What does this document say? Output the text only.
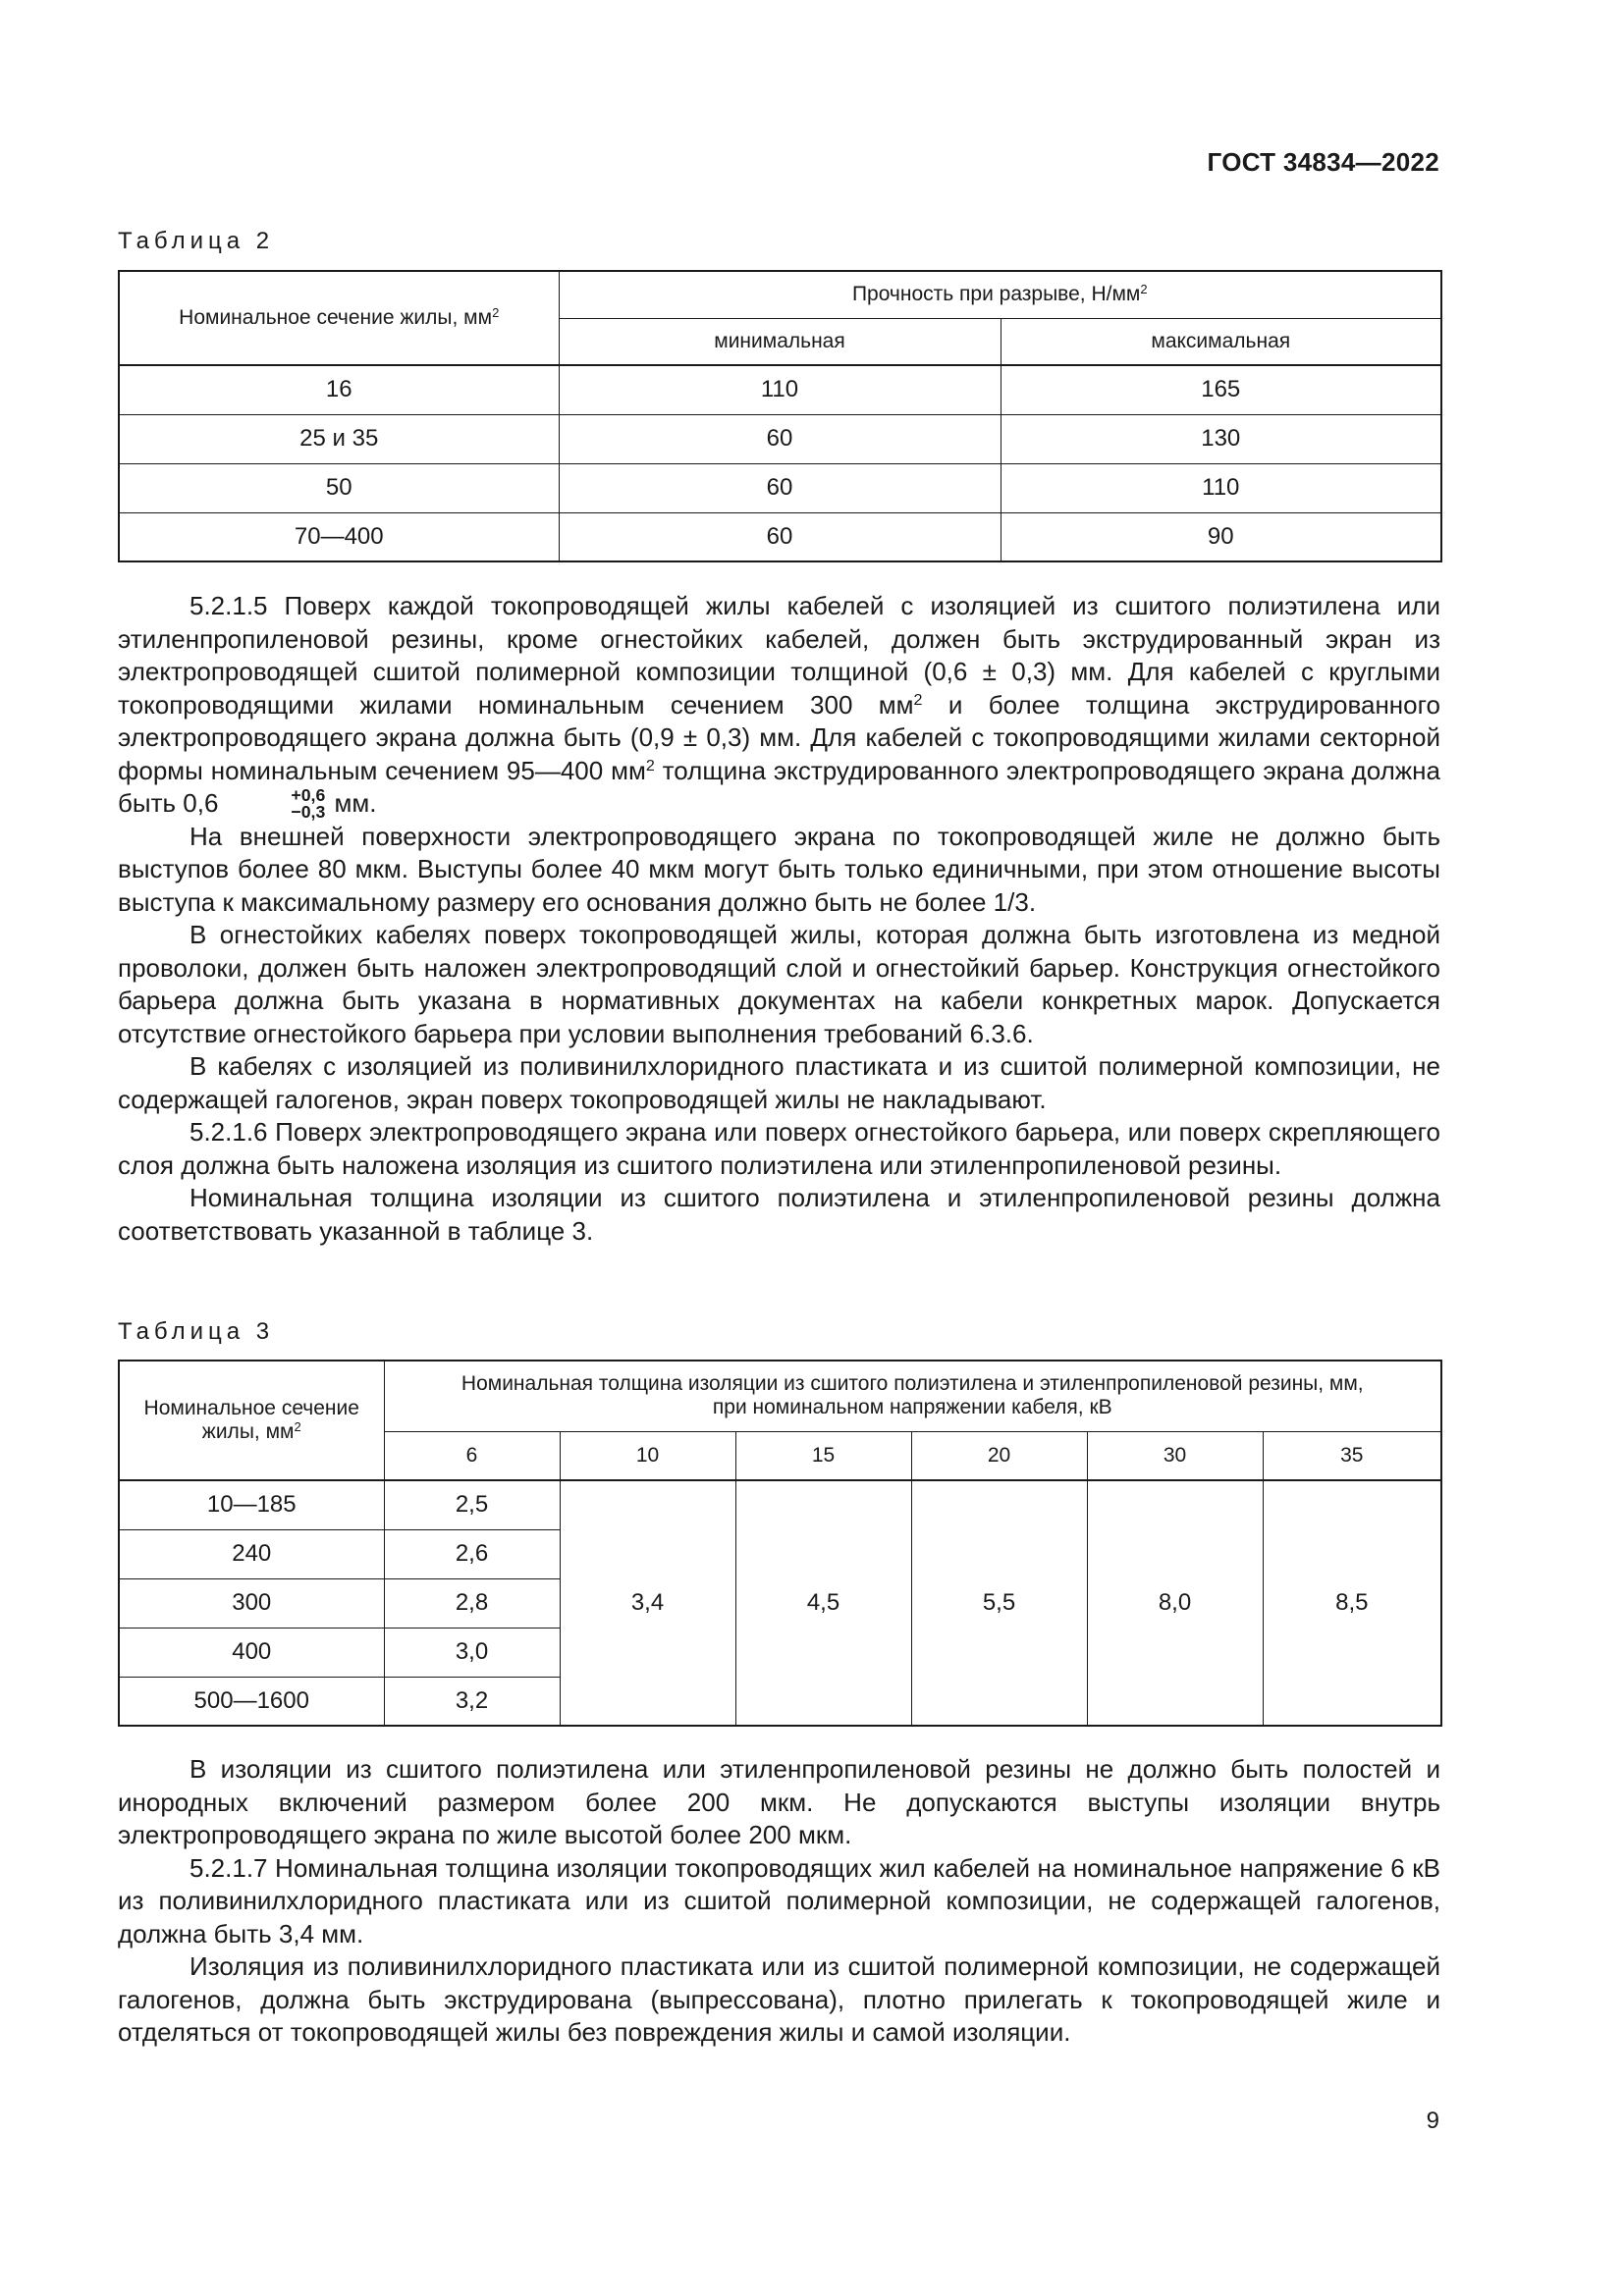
ГОСТ 34834—2022
Таблица 2
Номинальное сечение жилы, $мм^2$	Прочность при разрыве, $Н/мм^2$
	минимальная	максимальная
16	110	165
25 и 35	60	130
50	60	110
70—400	60	90

5.2.1.5 Поверх каждой токопроводящей жилы кабелей с изоляцией из сшитого полиэтилена или этиленпропиленовой резины, кроме огнестойких кабелей, должен быть экструдированный экран из электропроводящей сшитой полимерной композиции толщиной (0,6 ± 0,3) мм. Для кабелей с круглыми токопроводящими жилами номинальным сечением 300 $мм^2$ и более толщина экструдированного электропроводящего экрана должна быть (0,9 ± 0,3) мм. Для кабелей с токопроводящими жилами секторной формы номинальным сечением 95—400 $мм^2$ толщина экструдированного электропроводящего экрана должна быть 0,6	+0,6
−0,3 мм.

На внешней поверхности электропроводящего экрана по токопроводящей жиле не должно быть выступов более 80 мкм. Выступы более 40 мкм могут быть только единичными, при этом отношение высоты выступа к максимальному размеру его основания должно быть не более 1/3.

В огнестойких кабелях поверх токопроводящей жилы, которая должна быть изготовлена из медной проволоки, должен быть наложен электропроводящий слой и огнестойкий барьер. Конструкция огнестойкого барьера должна быть указана в нормативных документах на кабели конкретных марок. Допускается отсутствие огнестойкого барьера при условии выполнения требований 6.3.6.

В кабелях с изоляцией из поливинилхлоридного пластиката и из сшитой полимерной композиции, не содержащей галогенов, экран поверх токопроводящей жилы не накладывают.

5.2.1.6 Поверх электропроводящего экрана или поверх огнестойкого барьера, или поверх скрепляющего слоя должна быть наложена изоляция из сшитого полиэтилена или этиленпропиленовой резины.

Номинальная толщина изоляции из сшитого полиэтилена и этиленпропиленовой резины должна соответствовать указанной в таблице 3.

Таблица 3
Номинальное сечение жилы, $мм^2$	Номинальная толщина изоляции из сшитого полиэтилена и этиленпропиленовой резины, мм,
при номинальном напряжении кабеля, кВ					
	6	10	15	20	30	35
10—185	2,5	3,4	4,5	5,5	8,0	8,5
240	2,6					
300	2,8					
400	3,0					
500—1600	3,2					

В изоляции из сшитого полиэтилена или этиленпропиленовой резины не должно быть полостей и инородных включений размером более 200 мкм. Не допускаются выступы изоляции внутрь электропроводящего экрана по жиле высотой более 200 мкм.

5.2.1.7 Номинальная толщина изоляции токопроводящих жил кабелей на номинальное напряжение 6 кВ из поливинилхлоридного пластиката или из сшитой полимерной композиции, не содержащей галогенов, должна быть 3,4 мм.

Изоляция из поливинилхлоридного пластиката или из сшитой полимерной композиции, не содержащей галогенов, должна быть экструдирована (выпрессована), плотно прилегать к токопроводящей жиле и отделяться от токопроводящей жилы без повреждения жилы и самой изоляции.

9
